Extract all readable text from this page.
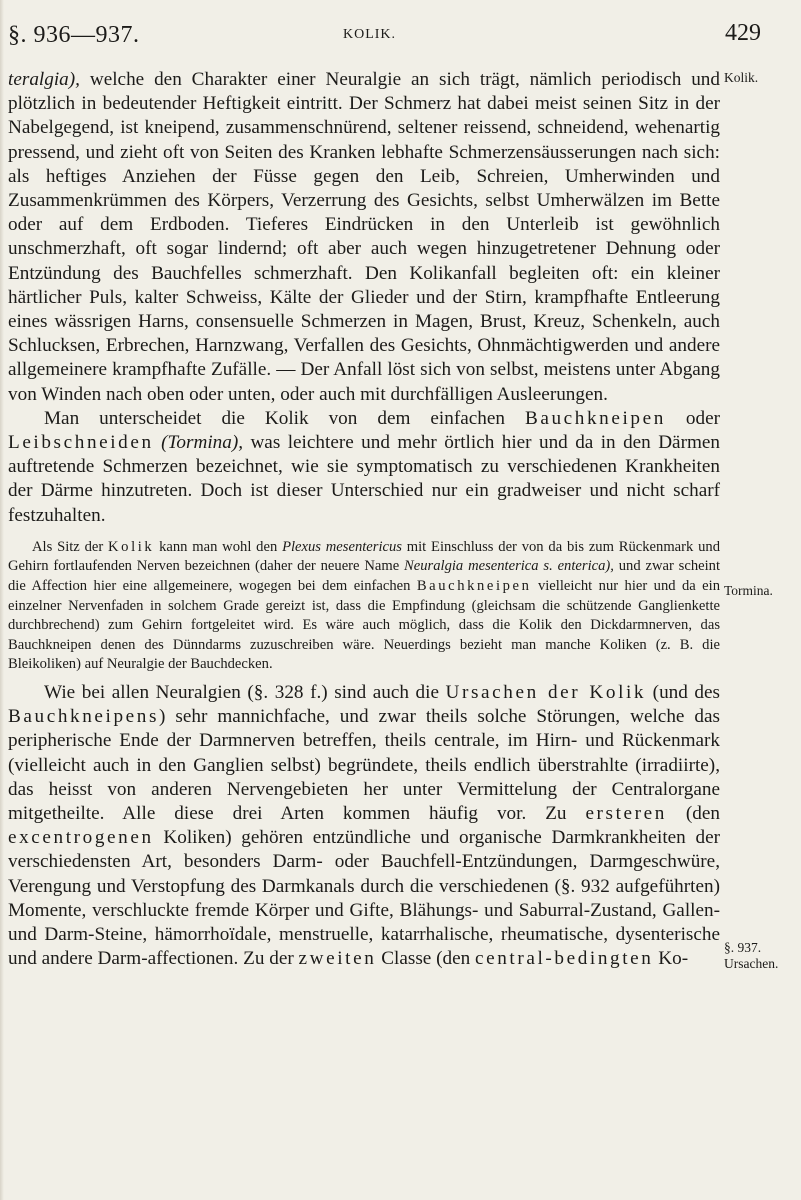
§. 936—937.	KOLIK.	429
Kolik.
Tormina.
§. 937.
Ursachen.

teralgia), welche den Charakter einer Neuralgie an sich trägt, nämlich periodisch und plötzlich in bedeutender Heftigkeit eintritt. Der Schmerz hat dabei meist seinen Sitz in der Nabelgegend, ist kneipend, zusammenschnürend, seltener reissend, schneidend, wehenartig pressend, und zieht oft von Seiten des Kranken lebhafte Schmerzensäusserungen nach sich: als heftiges Anziehen der Füsse gegen den Leib, Schreien, Umherwinden und Zusammenkrümmen des Körpers, Verzerrung des Gesichts, selbst Umherwälzen im Bette oder auf dem Erdboden. Tieferes Eindrücken in den Unterleib ist gewöhnlich unschmerzhaft, oft sogar lindernd; oft aber auch wegen hinzugetretener Dehnung oder Entzündung des Bauchfelles schmerzhaft. Den Kolikanfall begleiten oft: ein kleiner härtlicher Puls, kalter Schweiss, Kälte der Glieder und der Stirn, krampfhafte Entleerung eines wässrigen Harns, consensuelle Schmerzen in Magen, Brust, Kreuz, Schenkeln, auch Schlucksen, Erbrechen, Harnzwang, Verfallen des Gesichts, Ohnmächtigwerden und andere allgemeinere krampfhafte Zufälle. — Der Anfall löst sich von selbst, meistens unter Abgang von Winden nach oben oder unten, oder auch mit durchfälligen Ausleerungen.

Man unterscheidet die Kolik von dem einfachen Bauchkneipen oder Leibschneiden (Tormina), was leichtere und mehr örtlich hier und da in den Därmen auftretende Schmerzen bezeichnet, wie sie symptomatisch zu verschiedenen Krankheiten der Därme hinzutreten. Doch ist dieser Unterschied nur ein gradweiser und nicht scharf festzuhalten.

Als Sitz der Kolik kann man wohl den Plexus mesentericus mit Einschluss der von da bis zum Rückenmark und Gehirn fortlaufenden Nerven bezeichnen (daher der neuere Name Neuralgia mesenterica s. enterica), und zwar scheint die Affection hier eine allgemeinere, wogegen bei dem einfachen Bauchkneipen vielleicht nur hier und da ein einzelner Nervenfaden in solchem Grade gereizt ist, dass die Empfindung (gleichsam die schützende Ganglienkette durchbrechend) zum Gehirn fortgeleitet wird. Es wäre auch möglich, dass die Kolik den Dickdarmnerven, das Bauchkneipen denen des Dünndarms zuzuschreiben wäre. Neuerdings bezieht man manche Koliken (z. B. die Bleikoliken) auf Neuralgie der Bauchdecken.

Wie bei allen Neuralgien (§. 328 f.) sind auch die Ursachen der Kolik (und des Bauchkneipens) sehr mannichfache, und zwar theils solche Störungen, welche das peripherische Ende der Darmnerven betreffen, theils centrale, im Hirn- und Rückenmark (vielleicht auch in den Ganglien selbst) begründete, theils endlich überstrahlte (irradiirte), das heisst von anderen Nervengebieten her unter Vermittelung der Centralorgane mitgetheilte. Alle diese drei Arten kommen häufig vor. Zu ersteren (den excentrogenen Koliken) gehören entzündliche und organische Darmkrankheiten der verschiedensten Art, besonders Darm- oder Bauchfell-Entzündungen, Darmgeschwüre, Verengung und Verstopfung des Darmkanals durch die verschiedenen (§. 932 aufgeführten) Momente, verschluckte fremde Körper und Gifte, Blähungs- und Saburral-Zustand, Gallen- und Darm-Steine, hämorrhoïdale, menstruelle, katarrhalische, rheumatische, dysenterische und andere Darm-affectionen. Zu der zweiten Classe (den central-bedingten Ko-
